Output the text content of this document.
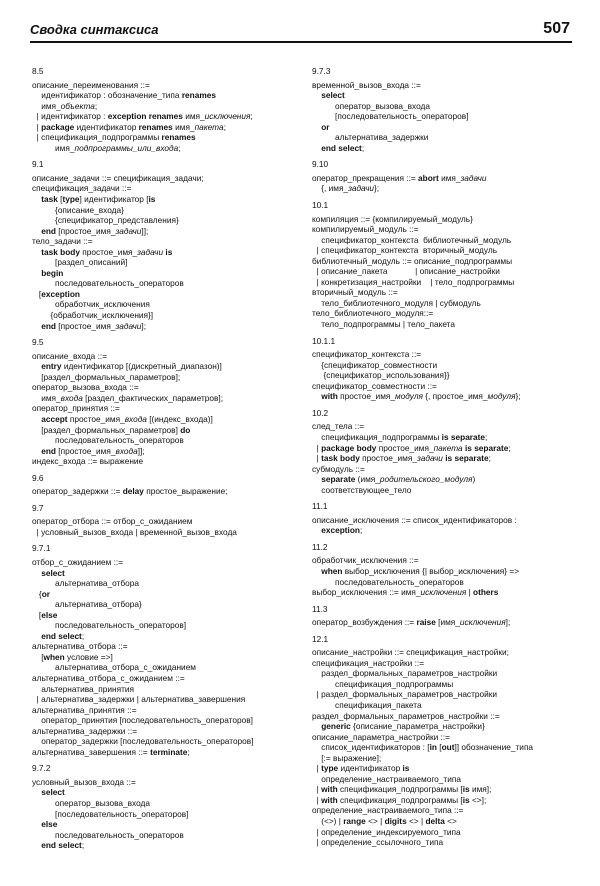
Сводка синтаксиса	507
8.5
описание_переименования ::=
идентификатор : обозначение_типа renames
имя_объекта;
| идентификатор : exception renames имя_исключения;
| package идентификатор renames имя_пакета;
| спецификация_подпрограммы renames
имя_подпрограммы_или_входа;
9.1
описание_задачи ::= спецификация_задачи;
спецификация_задачи ::=
task [type] идентификатор [is
{описание_входа}
{спецификатор_представления}
end [простое_имя_задачи]];
тело_задачи ::=
task body простое_имя_задачи is
[раздел_описаний]
begin
последовательность_операторов
[exception
обработчик_исключения
{обработчик_исключения}]
end [простое_имя_задачи];
9.5
описание_входа ::=
entry идентификатор [(дискретный_диапазон)]
[раздел_формальных_параметров];
оператор_вызова_входа ::=
имя_входа [раздел_фактических_параметров];
оператор_принятия ::=
accept простое_имя_входа [(индекс_входа)]
[раздел_формальных_параметров] do
последовательность_операторов
end [простое_имя_входа]];
индекс_входа ::= выражение
9.6
оператор_задержки ::= delay простое_выражение;
9.7
оператор_отбора ::= отбор_с_ожиданием
| условный_вызов_входа | временной_вызов_входа
9.7.1
отбор_с_ожиданием ::=
select
альтернатива_отбора
{or
альтернатива_отбора}
[else
последовательность_операторов]
end select;
альтернатива_отбора ::=
[when условие =>]
альтернатива_отбора_с_ожиданием
альтернатива_отбора_с_ожиданием ::=
альтернатива_принятия
| альтернатива_задержки | альтернатива_завершения
альтернатива_принятия ::=
оператор_принятия [последовательность_операторов]
альтернатива_задержки ::=
оператор_задержки [последовательность_операторов]
альтернатива_завершения ::= terminate;
9.7.2
условный_вызов_входа ::=
select
оператор_вызова_входа
[последовательность_операторов]
else
последовательность_операторов
end select;
9.7.3
временной_вызов_входа ::=
select
оператор_вызова_входа
[последовательность_операторов]
or
альтернатива_задержки
end select;
9.10
оператор_прекращения ::= abort имя_задачи
{, имя_задачи};
10.1
компиляция ::= {компилируемый_модуль}
компилируемый_модуль ::=
спецификатор_контекста  библиотечный_модуль
| спецификатор_контекста  вторичный_модуль
библиотечный_модуль ::= описание_подпрограммы
| описание_пакета            | описание_настройки
| конкретизация_настройки    | тело_подпрограммы
вторичный_модуль ::=
тело_библиотечного_модуля | субмодуль
тело_библиотечного_модуля::=
тело_подпрограммы | тело_пакета
10.1.1
спецификатор_контекста ::=
{спецификатор_совместности
{спецификатор_использования}}
спецификатор_совместности ::=
with простое_имя_модуля {, простое_имя_модуля};
10.2
след_тела ::=
спецификация_подпрограммы is separate;
| package body простое_имя_пакета is separate;
| task body простое_имя_задачи is separate;
субмодуль ::=
separate (имя_родительского_модуля)
соответствующее_тело
11.1
описание_исключения ::= список_идентификаторов :
exception;
11.2
обработчик_исключения ::=
when выбор_исключения {| выбор_исключения} =>
последовательность_операторов
выбор_исключения ::= имя_исключения | others
11.3
оператор_возбуждения ::= raise [имя_исключения];
12.1
описание_настройки ::= спецификация_настройки;
спецификация_настройки ::=
раздел_формальных_параметров_настройки
спецификация_подпрограммы
| раздел_формальных_параметров_настройки
спецификация_пакета
раздел_формальных_параметров_настройки ::=
generic {описание_параметра_настройки}
описание_параметра_настройки ::=
список_идентификаторов : [in [out]] обозначение_типа
[:= выражение];
| type идентификатор is
определение_настраиваемого_типа
| with спецификация_подпрограммы [is имя];
| with спецификация_подпрограммы [is <>];
определение_настраиваемого_типа ::=
(<>) | range <> | digits <> | delta <>
| определение_индексируемого_типа
| определение_ссылочного_типа
